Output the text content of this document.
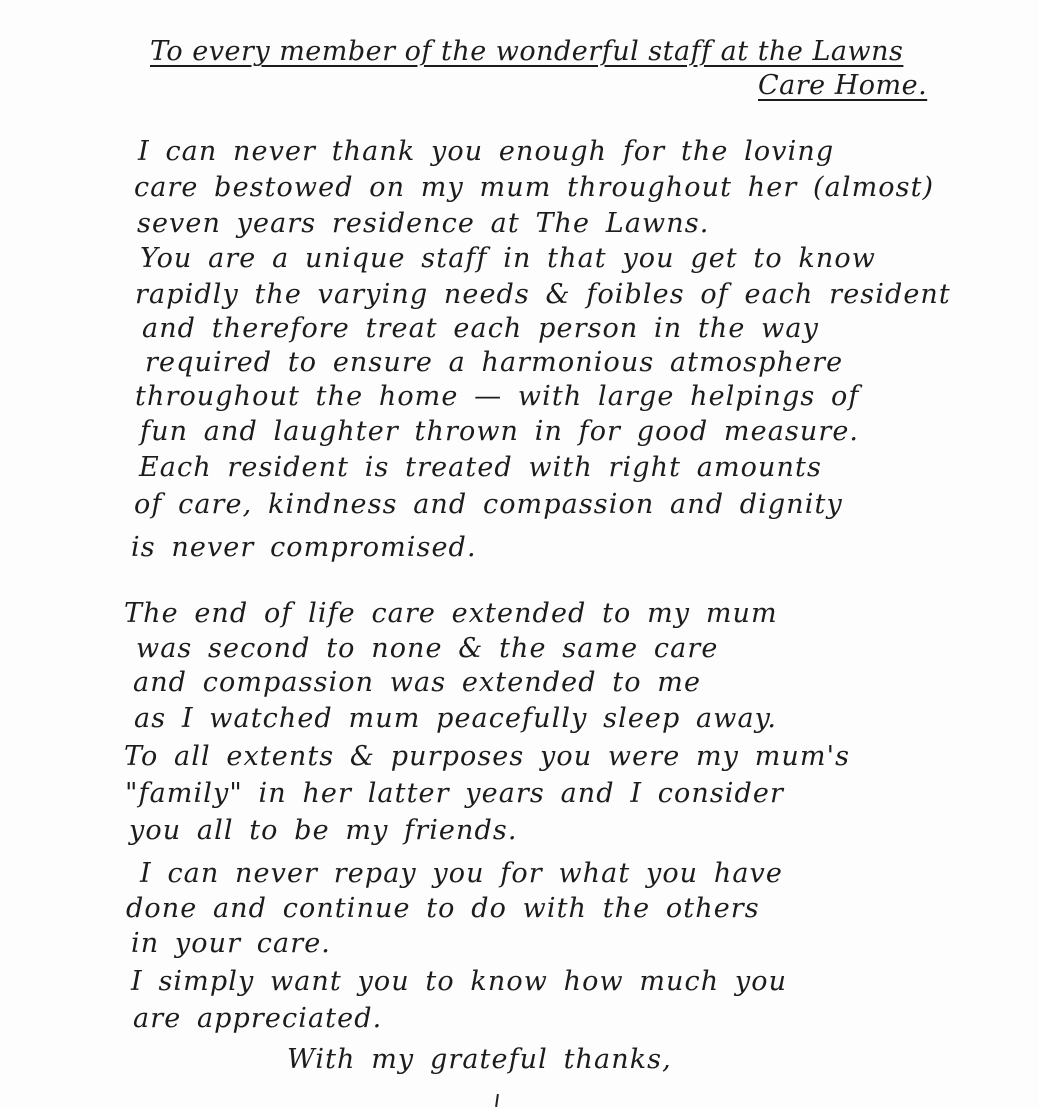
To every member of the wonderful staff at the Lawns
Care Home.
I can never thank you enough for the loving
care bestowed on my mum throughout her (almost)
seven years residence at The Lawns.
You are a unique staff in that you get to know
rapidly the varying needs & foibles of each resident
and therefore treat each person in the way
required to ensure a harmonious atmosphere
throughout the home — with large helpings of
fun and laughter thrown in for good measure.
Each resident is treated with right amounts
of care, kindness and compassion and dignity
is never compromised.
The end of life care extended to my mum
was second to none & the same care
and compassion was extended to me
as I watched mum peacefully sleep away.
To all extents & purposes you were my mum's
"family" in her latter years and I consider
you all to be my friends.
I can never repay you for what you have
done and continue to do with the others
in your care.
I simply want you to know how much you
are appreciated.
With my grateful thanks,
